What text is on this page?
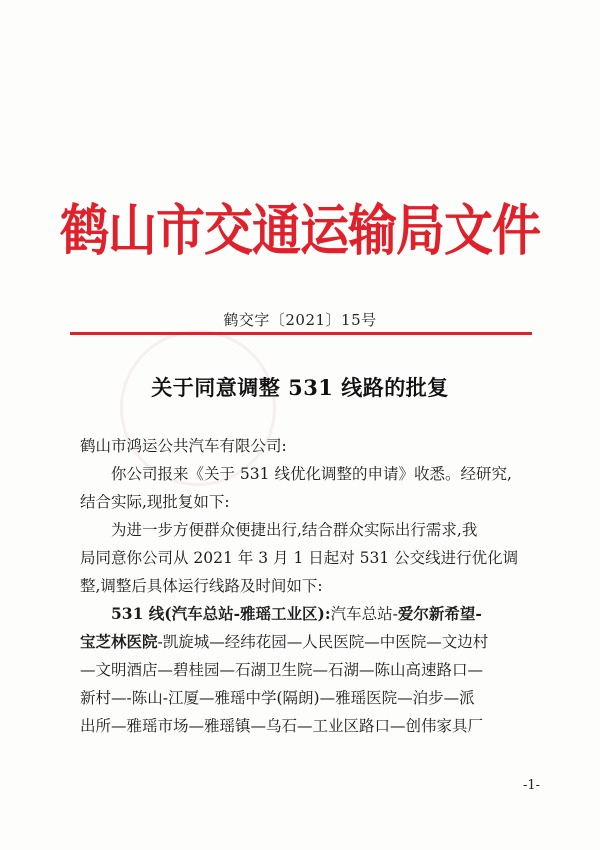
鹤山市交通运输局文件
鹤交字〔2021〕15号
关于同意调整 531 线路的批复

鹤山市鸿运公共汽车有限公司:

你公司报来《关于 531 线优化调整的申请》收悉。经研究,
结合实际,现批复如下:

为进一步方便群众便捷出行,结合群众实际出行需求,我
局同意你公司从 2021 年 3 月 1 日起对 531 公交线进行优化调
整,调整后具体运行线路及时间如下:

531 线(汽车总站-雅瑶工业区):汽车总站-爱尔新希望-
宝芝林医院-凯旋城—经纬花园—人民医院—中医院—文边村
—文明酒店—碧桂园—石湖卫生院—石湖—陈山高速路口—
新村—-陈山-江厦—雅瑶中学(隔朗)—雅瑶医院—泊步—派
出所—雅瑶市场—雅瑶镇—乌石—工业区路口—创伟家具厂

-1-
